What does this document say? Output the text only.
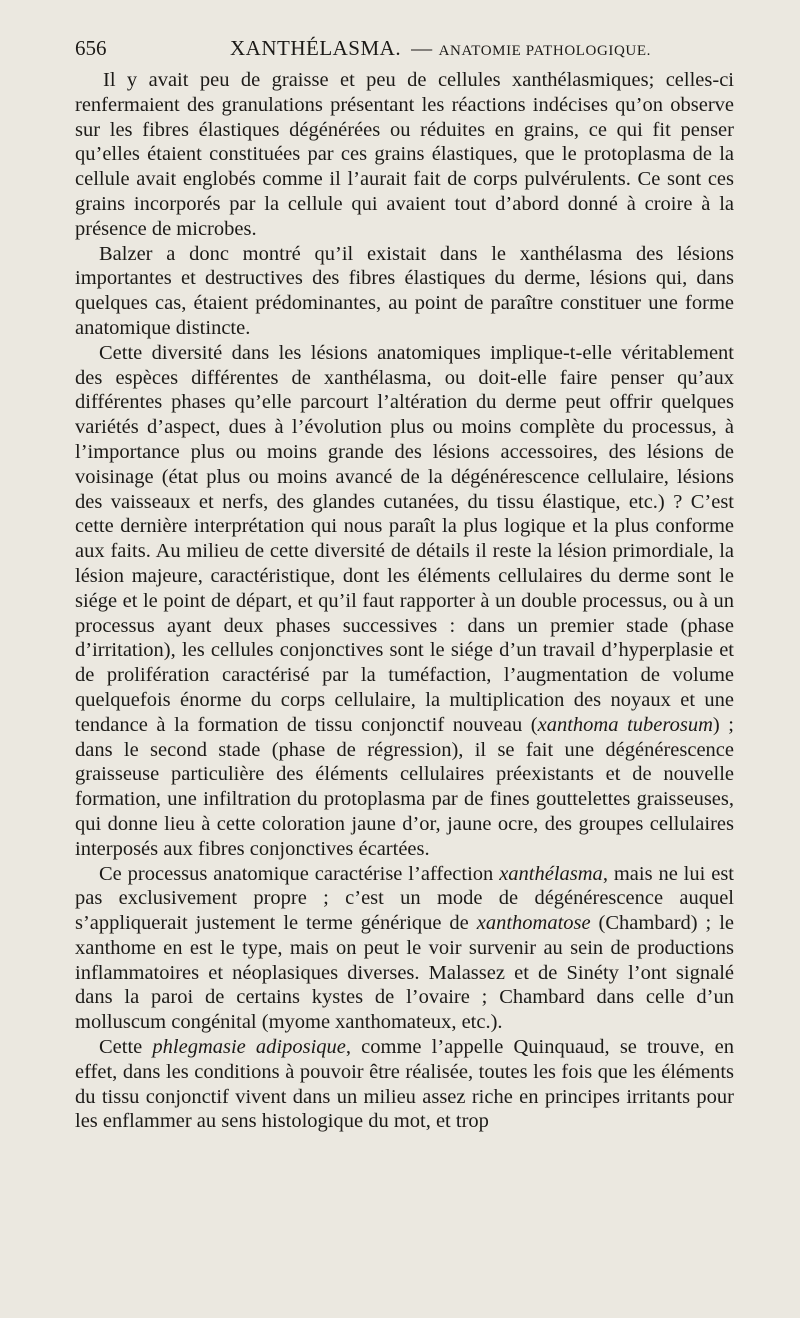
656	XANTHÉLASMA. — ANATOMIE PATHOLOGIQUE.

Il y avait peu de graisse et peu de cellules xanthélasmiques; celles-ci renfermaient des granulations présentant les réactions indécises qu’on observe sur les fibres élastiques dégénérées ou réduites en grains, ce qui fit penser qu’elles étaient constituées par ces grains élastiques, que le protoplasma de la cellule avait englobés comme il l’aurait fait de corps pulvérulents. Ce sont ces grains incorporés par la cellule qui avaient tout d’abord donné à croire à la présence de microbes.

Balzer a donc montré qu’il existait dans le xanthélasma des lésions importantes et destructives des fibres élastiques du derme, lésions qui, dans quelques cas, étaient prédominantes, au point de paraître constituer une forme anatomique distincte.

Cette diversité dans les lésions anatomiques implique-t-elle véritablement des espèces différentes de xanthélasma, ou doit-elle faire penser qu’aux différentes phases qu’elle parcourt l’altération du derme peut offrir quelques variétés d’aspect, dues à l’évolution plus ou moins complète du processus, à l’importance plus ou moins grande des lésions accessoires, des lésions de voisinage (état plus ou moins avancé de la dégénérescence cellulaire, lésions des vaisseaux et nerfs, des glandes cutanées, du tissu élastique, etc.) ? C’est cette dernière interprétation qui nous paraît la plus logique et la plus conforme aux faits. Au milieu de cette diversité de détails il reste la lésion primordiale, la lésion majeure, caractéristique, dont les éléments cellulaires du derme sont le siége et le point de départ, et qu’il faut rapporter à un double processus, ou à un processus ayant deux phases successives : dans un premier stade (phase d’irritation), les cellules conjonctives sont le siége d’un travail d’hyperplasie et de prolifération caractérisé par la tuméfaction, l’augmentation de volume quelquefois énorme du corps cellulaire, la multiplication des noyaux et une tendance à la formation de tissu conjonctif nouveau (xanthoma tuberosum) ; dans le second stade (phase de régression), il se fait une dégénérescence graisseuse particulière des éléments cellulaires préexistants et de nouvelle formation, une infiltration du protoplasma par de fines gouttelettes graisseuses, qui donne lieu à cette coloration jaune d’or, jaune ocre, des groupes cellulaires interposés aux fibres conjonctives écartées.

Ce processus anatomique caractérise l’affection xanthélasma, mais ne lui est pas exclusivement propre ; c’est un mode de dégénérescence auquel s’appliquerait justement le terme générique de xanthomatose (Chambard) ; le xanthome en est le type, mais on peut le voir survenir au sein de productions inflammatoires et néoplasiques diverses. Malassez et de Sinéty l’ont signalé dans la paroi de certains kystes de l’ovaire ; Chambard dans celle d’un molluscum congénital (myome xanthomateux, etc.).

Cette phlegmasie adiposique, comme l’appelle Quinquaud, se trouve, en effet, dans les conditions à pouvoir être réalisée, toutes les fois que les éléments du tissu conjonctif vivent dans un milieu assez riche en principes irritants pour les enflammer au sens histologique du mot, et trop
